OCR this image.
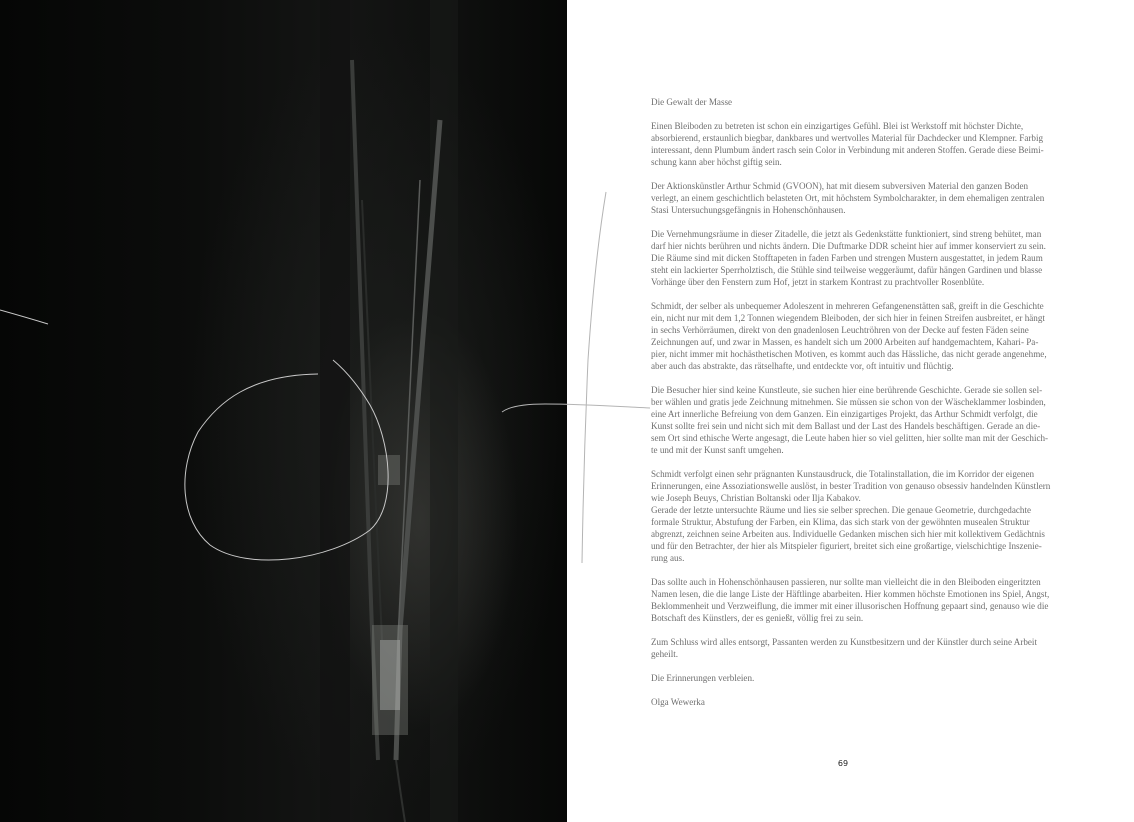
Die Gewalt der Masse
Einen Bleiboden zu betreten ist schon ein einzigartiges Gefühl. Blei ist Werkstoff mit höchster Dichte,
absorbierend, erstaunlich biegbar, dankbares und wertvolles Material für Dachdecker und Klempner. Farbig
interessant, denn Plumbum ändert rasch sein Color in Verbindung mit anderen Stoffen. Gerade diese Beimi-
schung kann aber höchst giftig sein.
Der Aktionskünstler Arthur Schmid (GVOON), hat mit diesem subversiven Material den ganzen Boden
verlegt, an einem geschichtlich belasteten Ort, mit höchstem Symbolcharakter, in dem ehemaligen zentralen
Stasi Untersuchungsgefängnis in Hohenschönhausen.
Die Vernehmungsräume in dieser Zitadelle, die jetzt als Gedenkstätte funktioniert, sind streng behütet, man
darf hier nichts berühren und nichts ändern. Die Duftmarke DDR scheint hier auf immer konserviert zu sein.
Die Räume sind mit dicken Stofftapeten in faden Farben und strengen Mustern ausgestattet, in jedem Raum
steht ein lackierter Sperrholztisch, die Stühle sind teilweise weggeräumt, dafür hängen Gardinen und blasse
Vorhänge über den Fenstern zum Hof, jetzt in starkem Kontrast zu prachtvoller Rosenblüte.
Schmidt, der selber als unbequemer Adoleszent in mehreren Gefangenenstätten saß, greift in die Geschichte
ein, nicht nur mit dem 1,2 Tonnen wiegendem Bleiboden, der sich hier in feinen Streifen ausbreitet, er hängt
in sechs Verhörräumen, direkt von den gnadenlosen Leuchtröhren von der Decke auf festen Fäden seine
Zeichnungen auf, und zwar in Massen, es handelt sich um 2000 Arbeiten auf handgemachtem, Kahari- Pa-
pier, nicht immer mit hochästhetischen Motiven, es kommt auch das Hässliche, das nicht gerade angenehme,
aber auch das abstrakte, das rätselhafte, und entdeckte vor, oft intuitiv und flüchtig.
Die Besucher hier sind keine Kunstleute, sie suchen hier eine berührende Geschichte. Gerade sie sollen sel-
ber wählen und gratis jede Zeichnung mitnehmen. Sie müssen sie schon von der Wäscheklammer losbinden,
eine Art innerliche Befreiung von dem Ganzen. Ein einzigartiges Projekt, das Arthur Schmidt verfolgt, die
Kunst sollte frei sein und nicht sich mit dem Ballast und der Last des Handels beschäftigen. Gerade an die-
sem Ort sind ethische Werte angesagt, die Leute haben hier so viel gelitten, hier sollte man mit der Geschich-
te und mit der Kunst sanft umgehen.
Schmidt verfolgt einen sehr prägnanten Kunstausdruck, die Totalinstallation, die im Korridor der eigenen
Erinnerungen, eine Assoziationswelle auslöst, in bester Tradition von genauso obsessiv handelnden Künstlern
wie Joseph Beuys, Christian Boltanski oder Ilja Kabakov.
Gerade der letzte untersuchte Räume und lies sie selber sprechen. Die genaue Geometrie, durchgedachte
formale Struktur, Abstufung der Farben, ein Klima, das sich stark von der gewöhnten musealen Struktur
abgrenzt, zeichnen seine Arbeiten aus. Individuelle Gedanken mischen sich hier mit kollektivem Gedächtnis
und für den Betrachter, der hier als Mitspieler figuriert, breitet sich eine großartige, vielschichtige Inszenie-
rung aus.
Das sollte auch in Hohenschönhausen passieren, nur sollte man vielleicht die in den Bleiboden eingeritzten
Namen lesen, die die lange Liste der Häftlinge abarbeiten. Hier kommen höchste Emotionen ins Spiel, Angst,
Beklommenheit und Verzweiflung, die immer mit einer illusorischen Hoffnung gepaart sind, genauso wie die
Botschaft des Künstlers, der es genießt, völlig frei zu sein.
Zum Schluss wird alles entsorgt, Passanten werden zu Kunstbesitzern und der Künstler durch seine Arbeit
geheilt.
Die Erinnerungen verbleien.
Olga Wewerka
69
